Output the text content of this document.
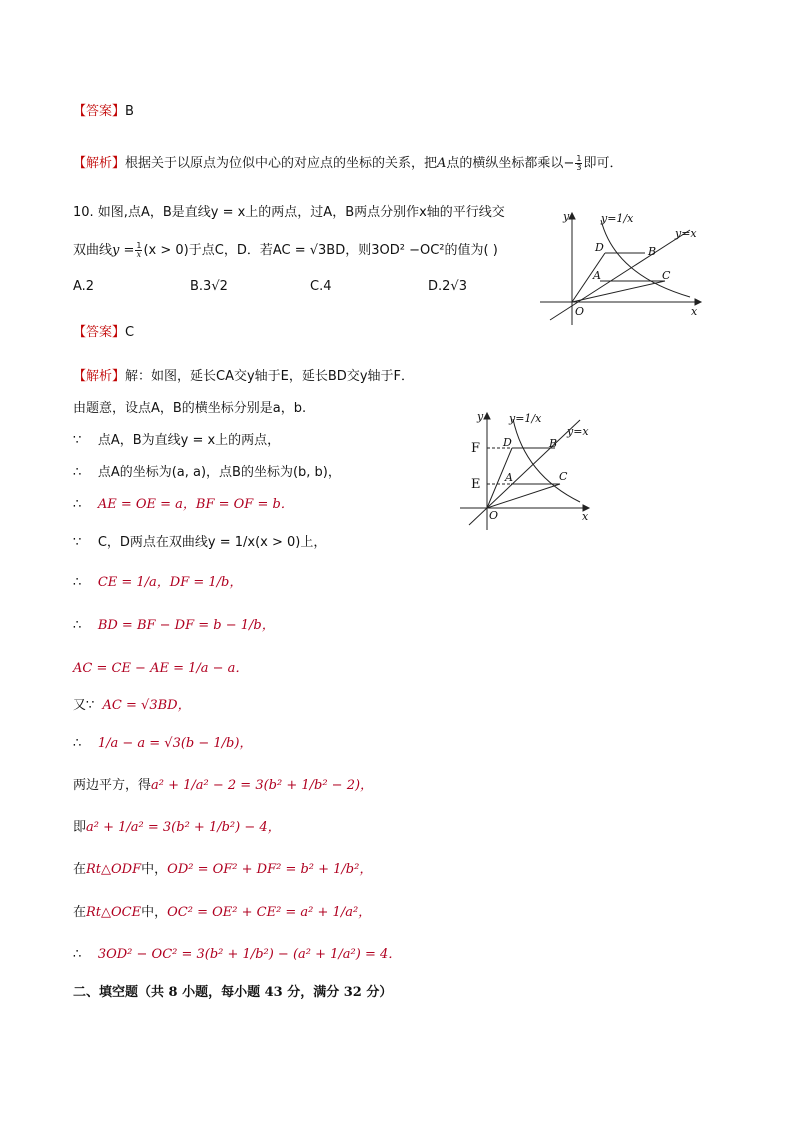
【答案】B
【解析】根据关于以原点为位似中心的对应点的坐标的关系，把A点的横纵坐标都乘以− $\frac{1}{3}$ 即可．
10. 如图,点A，B是直线y = x上的两点，过A，B两点分别作x轴的平行线交
双曲线$y = \frac{1}{x} (x > 0)$于点C，D．若AC = √3BD，则3OD² −OC²的值为( )
A.2	B.3√2	C.4	D.2√3
y
x
O
y=1/x
y=x
D	B
A	C
【答案】C
【解析】解：如图，延长CA交y轴于E，延长BD交y轴于F．
由题意，设点A，B的横坐标分别是a，b.
∵ 点A，B为直线y = x上的两点，
∴ 点A的坐标为(a, a)，点B的坐标为(b, b)，
∴ AE = OE = a，BF = OF = b．
∵ C，D两点在双曲线y = 1/x(x > 0)上，
∴ CE = 1/a，DF = 1/b，
∴ BD = BF − DF = b − 1/b，
AC = CE − AE = 1/a − a．
又∵ AC = √3BD，
∴ 1/a − a = √3(b − 1/b)，
两边平方，得a² + 1/a² − 2 = 3(b² + 1/b² − 2)，
即a² + 1/a² = 3(b² + 1/b²) − 4，
在Rt△ODF中，OD² = OF² + DF² = b² + 1/b²，
在Rt△OCE中，OC² = OE² + CE² = a² + 1/a²，
∴ 3OD² − OC² = 3(b² + 1/b²) − (a² + 1/a²) = 4．
二、填空题（共 8 小题，每小题 43 分，满分 32 分）
y
x
O
y=1/x
y=x
F
E
D	B
A	C
